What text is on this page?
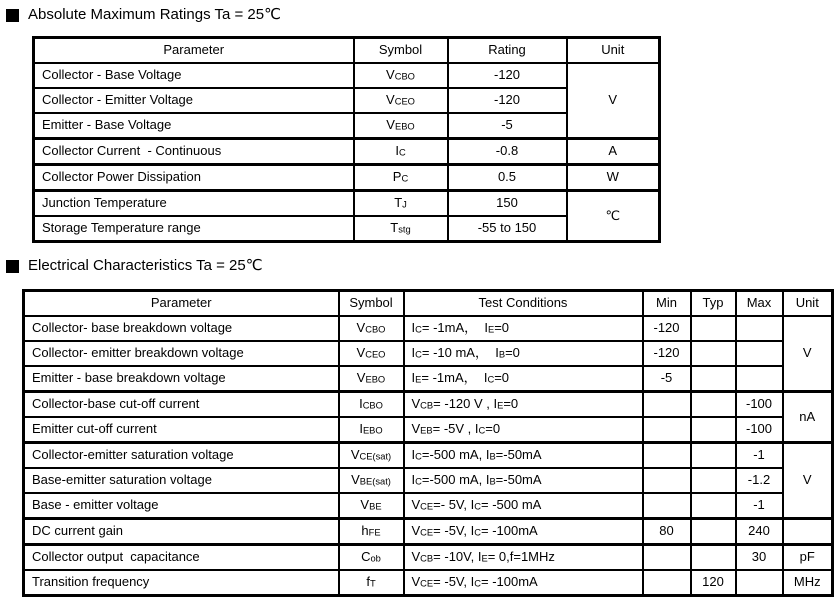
Absolute Maximum Ratings Ta = 25℃
Parameter	Symbol	Rating	Unit
Collector - Base Voltage	$V_{CBO}$	-120	V
Collector - Emitter Voltage	$V_{CEO}$	-120	
Emitter - Base Voltage	$V_{EBO}$	-5	
Collector Current  - Continuous	$I_C$	-0.8	A
Collector Power Dissipation	$P_C$	0.5	W
Junction Temperature	$T_J$	150	℃
Storage Temperature range	$T_{stg}$	-55 to 150	
Electrical Characteristics Ta = 25℃
Parameter	Symbol	Test Conditions	Min	Typ	Max	Unit
Collector- base breakdown voltage	$V_{CBO}$	$I_C= -1mA$，  $I_E=0$	-120			V
Collector- emitter breakdown voltage	$V_{CEO}$	$I_C= -10$ mA，  $I_B=0$	-120			
Emitter - base breakdown voltage	$V_{EBO}$	$I_E= -1mA$，  $I_C=0$	-5			
Collector-base cut-off current	$I_{CBO}$	$V_{CB}= -120$ V , $I_E=0$			-100	nA
Emitter cut-off current	$I_{EBO}$	$V_{EB}= -5V$ , $I_C=0$			-100	
Collector-emitter saturation voltage	$V_{CE(sat)}$	$I_C=-500$ mA, $I_B=-50mA$			-1	V
Base-emitter saturation voltage	$V_{BE(sat)}$	$I_C=-500$ mA, $I_B=-50mA$			-1.2	
Base - emitter voltage	$V_{BE}$	$V_{CE}=-$ 5V, $I_C= -500$ mA			-1	
DC current gain	$h_{FE}$	$V_{CE}= -5V$, $I_C= -100mA$	80		240	
Collector output  capacitance	$C_{ob}$	$V_{CB}= -10V$, $I_E= 0,f=1MHz$			30	pF
Transition frequency	$f_T$	$V_{CE}= -5V$, $I_C= -100mA$		120		MHz
